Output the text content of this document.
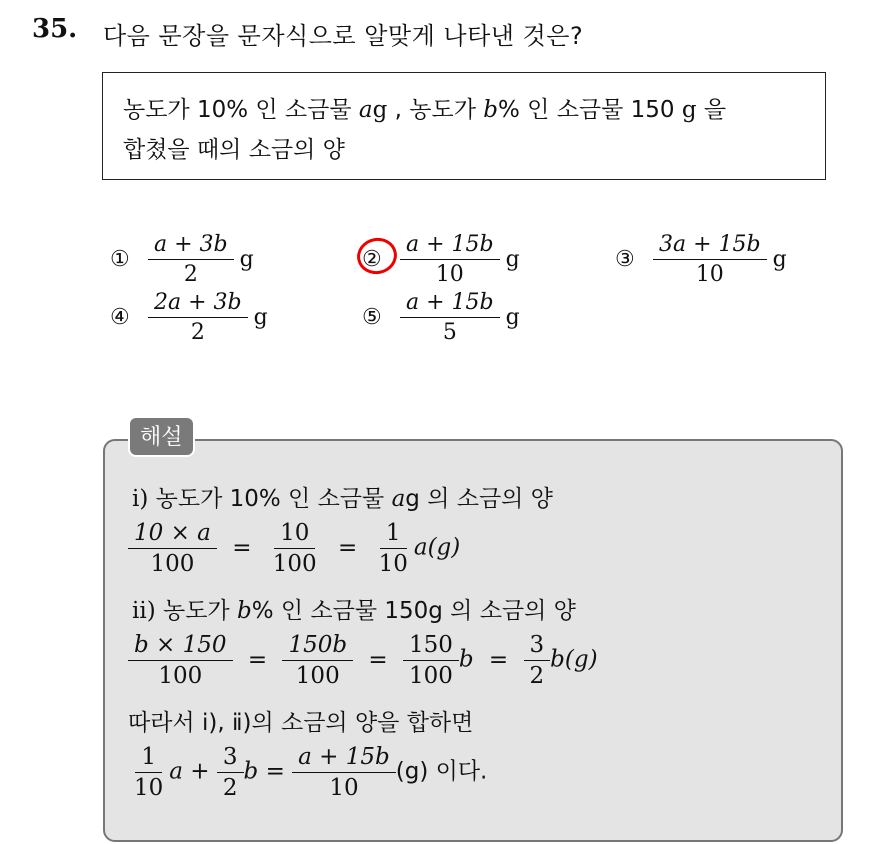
35. 다음 문장을 문자식으로 알맞게 나타낸 것은?
농도가 10% 인 소금물 ag , 농도가 b% 인 소금물 150 g 을
합쳤을 때의 소금의 양
① $\frac{a + 3b}{2}$ g	② $\frac{a + 15b}{10}$ g	③ $\frac{3a + 15b}{10}$ g
④ $\frac{2a + 3b}{2}$ g	⑤ $\frac{a + 15b}{5}$ g
해설
ⅰ) 농도가 10% 인 소금물 ag 의 소금의 양
$\frac{10 \times a}{100} = \frac{10}{100} = \frac{1}{10} a(g)$
ⅱ) 농도가 b% 인 소금물 150g 의 소금의 양
$\frac{b \times 150}{100} = \frac{150b}{100} = \frac{150}{100}$ $b = \frac{3}{2} b(g)$
따라서 ⅰ), ⅱ)의 소금의 양을 합하면
$\frac{1}{10}$ $a + \frac{3}{2}$ $b = \frac{a + 15b}{10} (g)$ 이다.
